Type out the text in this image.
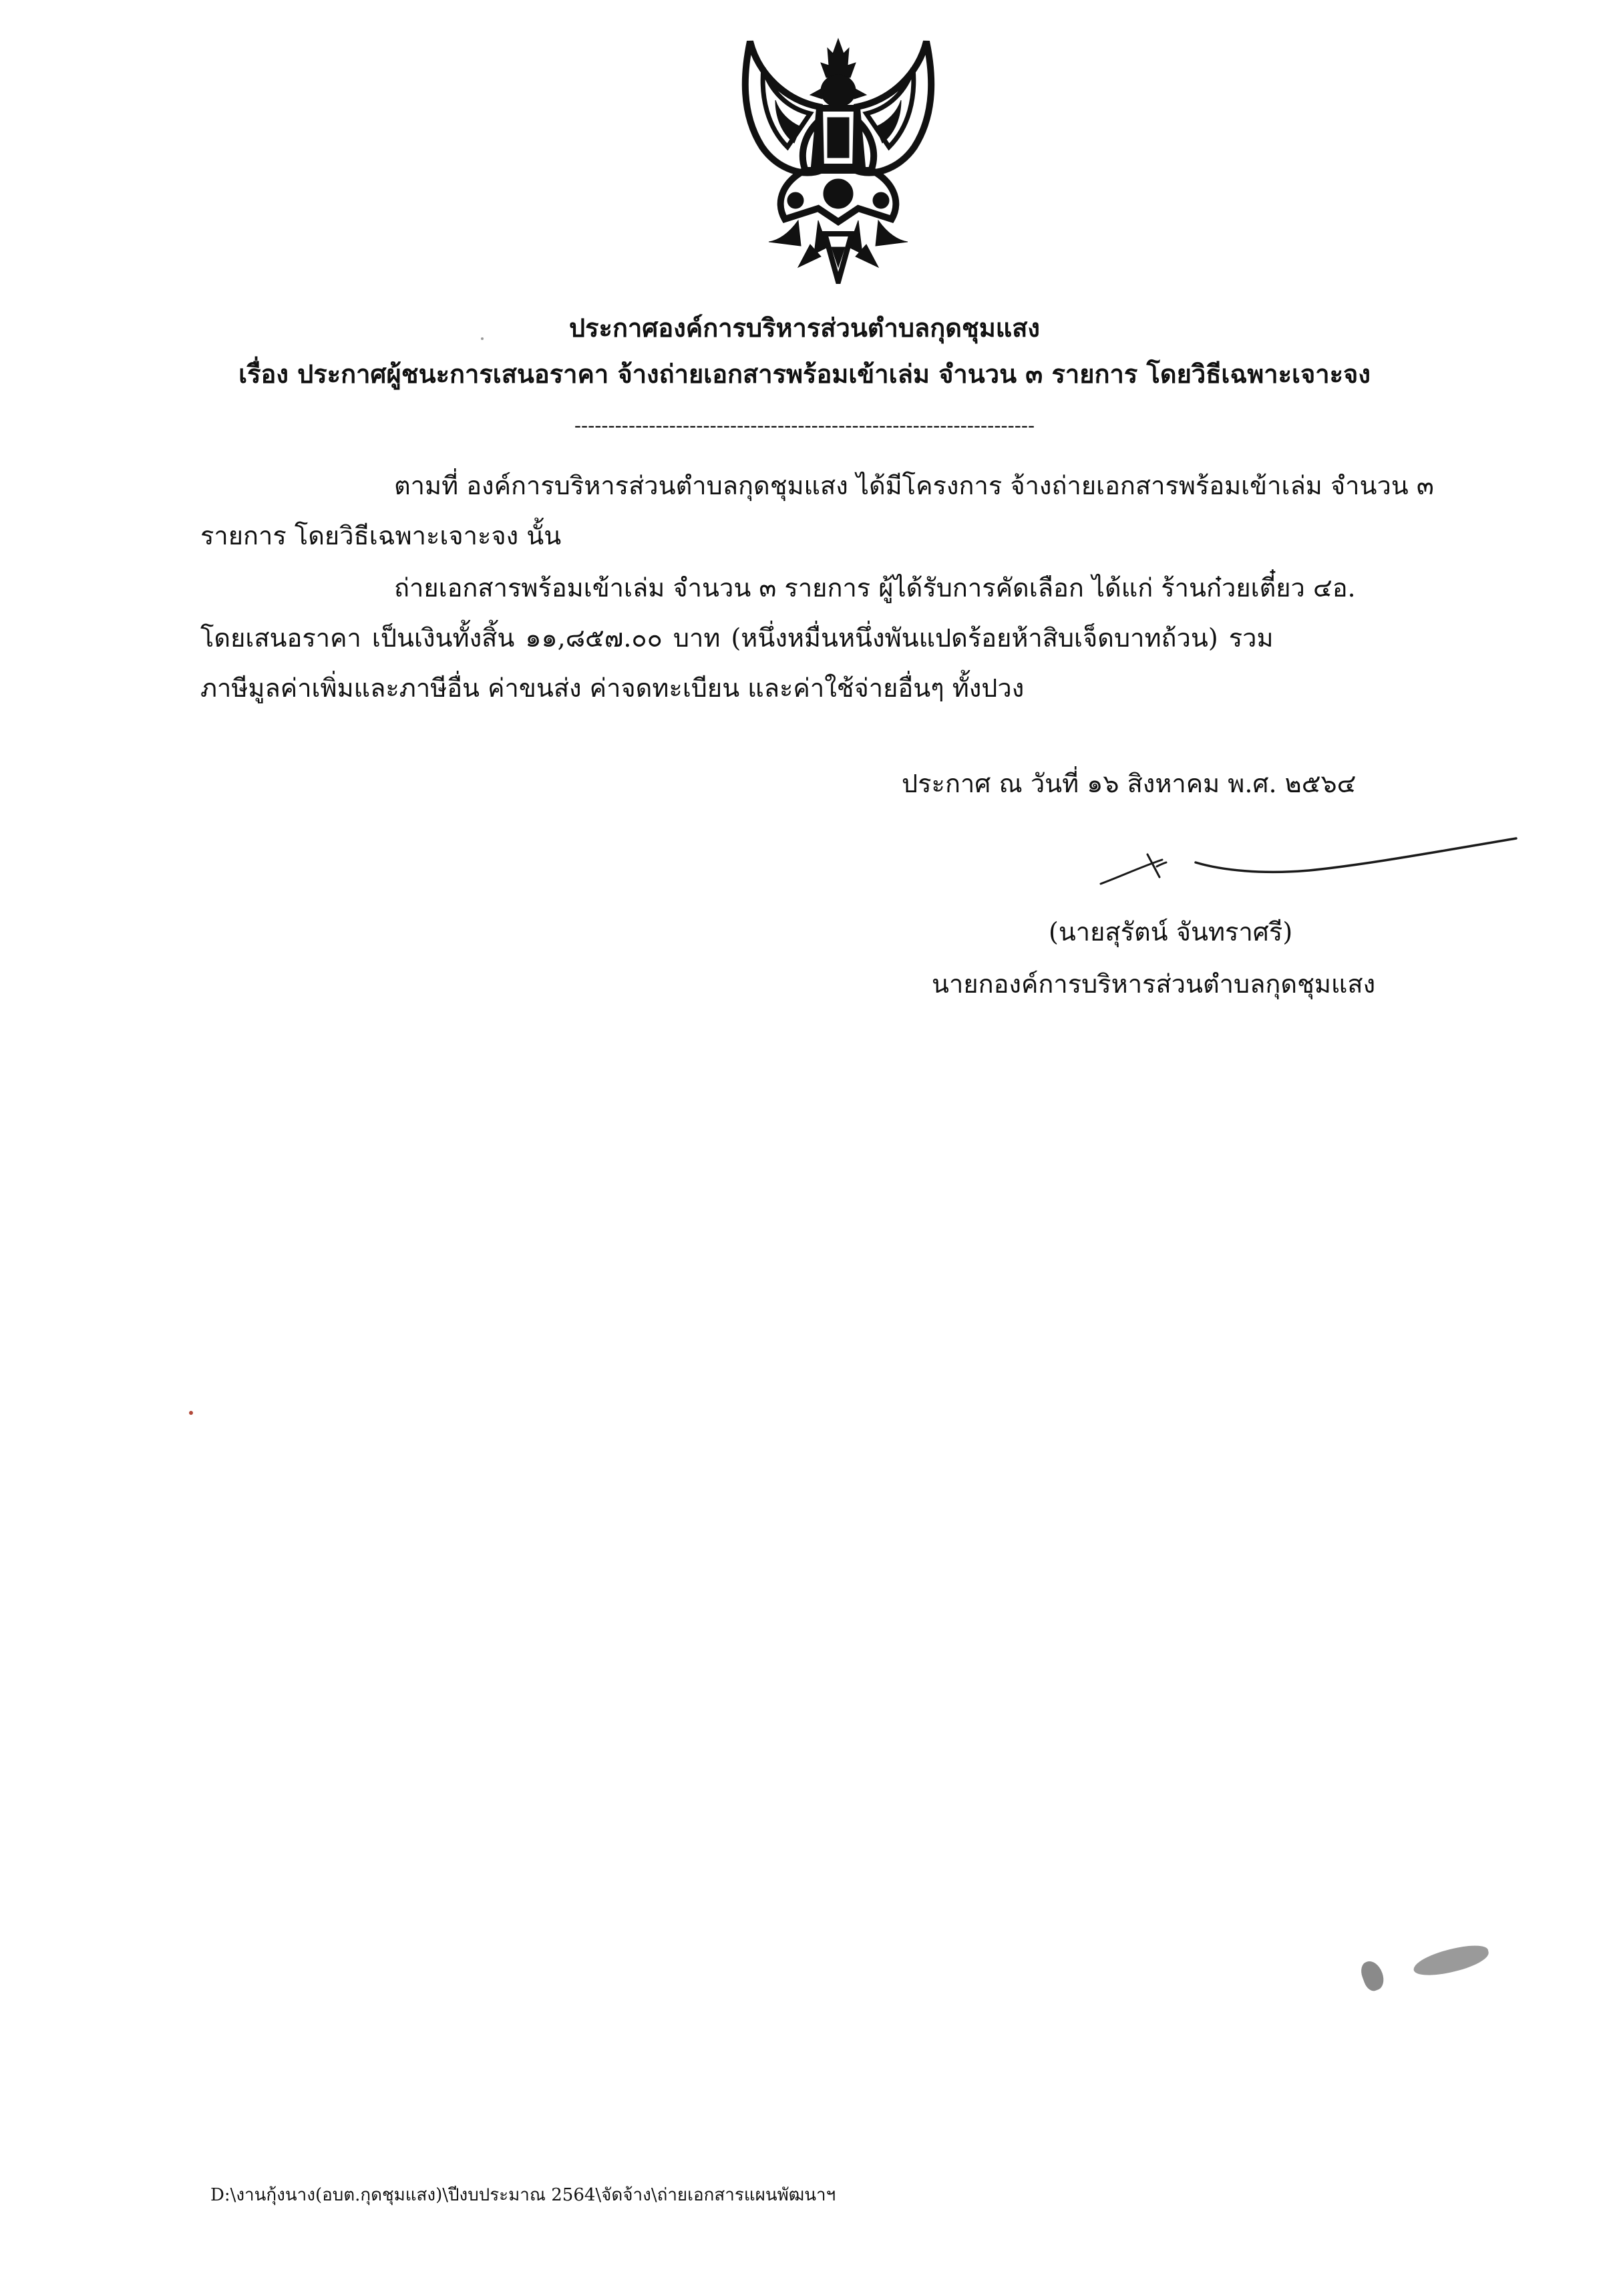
ประกาศองค์การบริหารส่วนตำบลกุดชุมแสง
เรื่อง ประกาศผู้ชนะการเสนอราคา จ้างถ่ายเอกสารพร้อมเข้าเล่ม จำนวน ๓ รายการ โดยวิธีเฉพาะเจาะจง
--------------------------------------------------------------------
ตามที่ องค์การบริหารส่วนตำบลกุดชุมแสง ได้มีโครงการ จ้างถ่ายเอกสารพร้อมเข้าเล่ม จำนวน ๓
รายการ โดยวิธีเฉพาะเจาะจง นั้น
ถ่ายเอกสารพร้อมเข้าเล่ม จำนวน ๓ รายการ ผู้ได้รับการคัดเลือก ได้แก่ ร้านก๋วยเตี๋ยว ๔อ.
โดยเสนอราคา เป็นเงินทั้งสิ้น ๑๑,๘๕๗.๐๐ บาท (หนึ่งหมื่นหนึ่งพันแปดร้อยห้าสิบเจ็ดบาทถ้วน) รวม
ภาษีมูลค่าเพิ่มและภาษีอื่น ค่าขนส่ง ค่าจดทะเบียน และค่าใช้จ่ายอื่นๆ ทั้งปวง
ประกาศ ณ วันที่ ๑๖ สิงหาคม พ.ศ. ๒๕๖๔
(นายสุรัตน์ จันทราศรี)
นายกองค์การบริหารส่วนตำบลกุดชุมแสง
D:\งานกุ้งนาง(อบต.กุดชุมแสง)\ปีงบประมาณ 2564\จัดจ้าง\ถ่ายเอกสารแผนพัฒนาฯ
